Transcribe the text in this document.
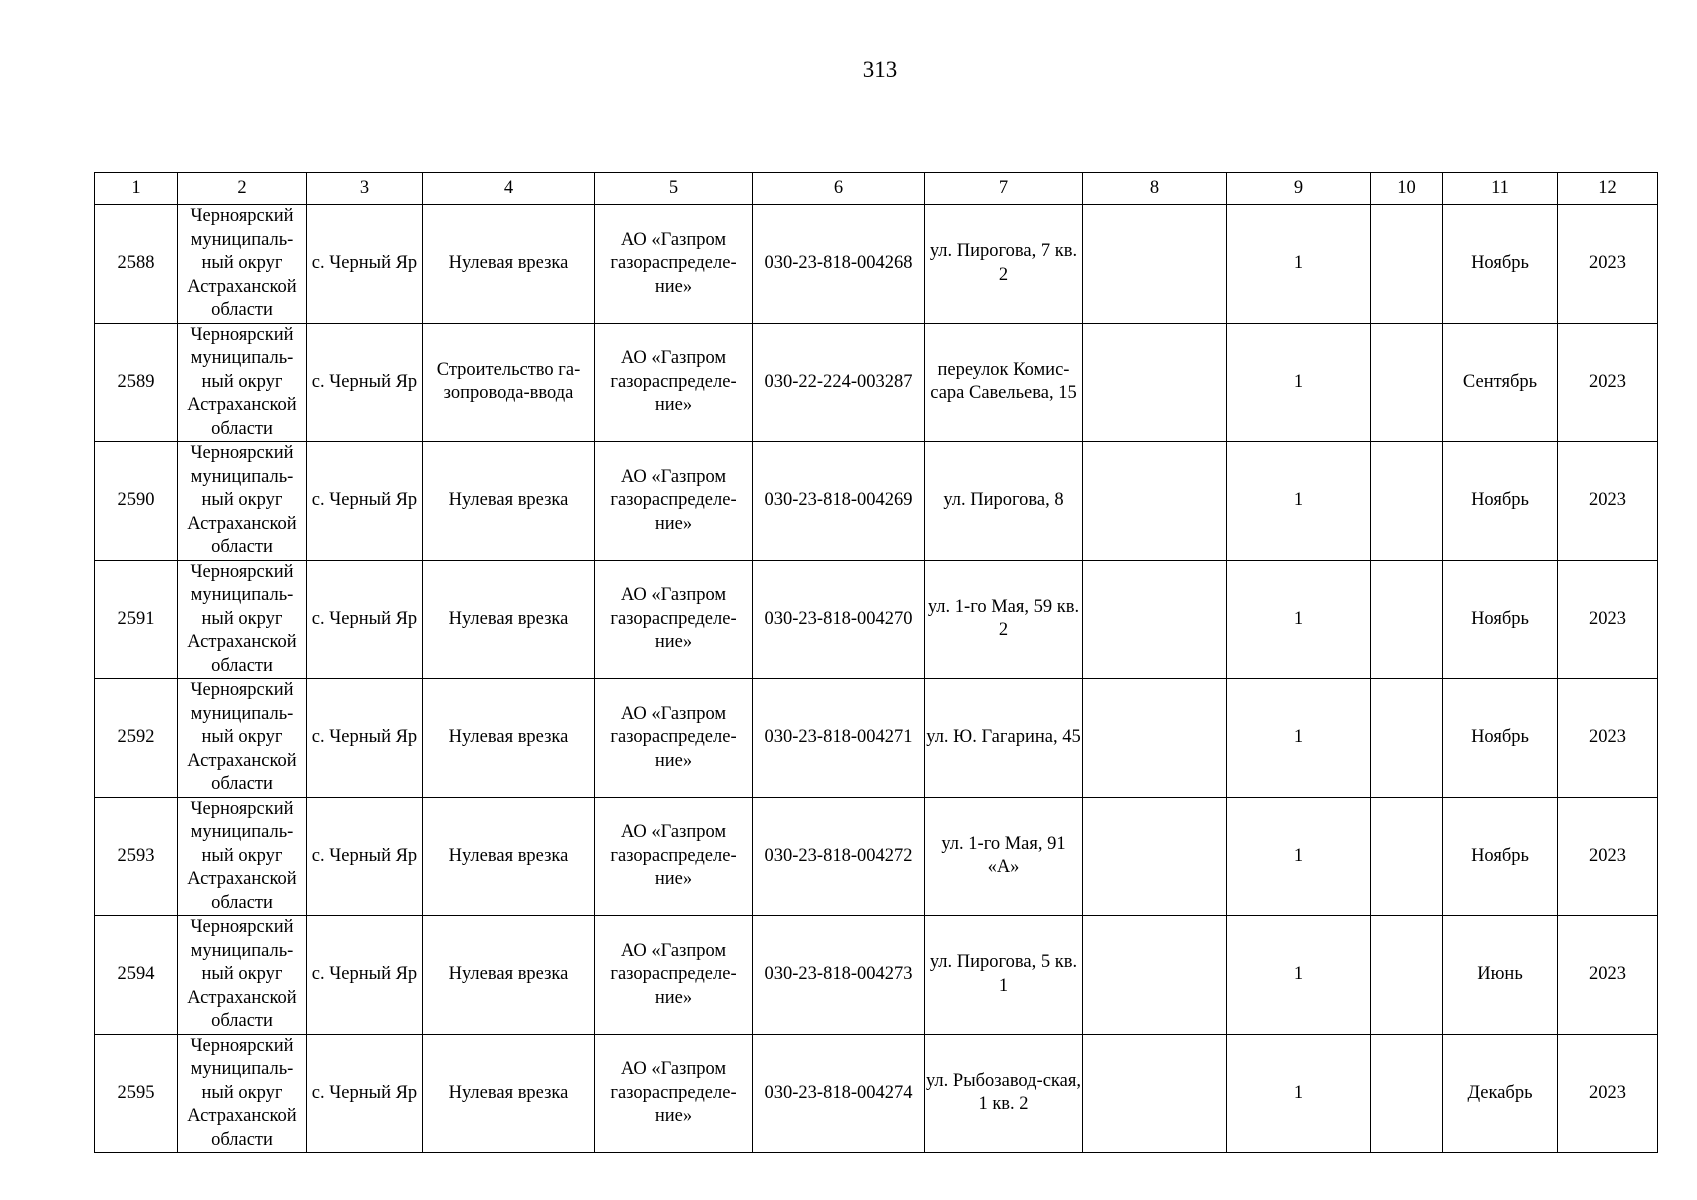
313
1	2	3	4	5	6	7	8	9	10	11	12
2588	Черноярский муниципаль-ный округ Астраханской области	с. Черный Яр	Нулевая врезка	АО «Газпром газораспределе-ние»	030-23-818-004268	ул. Пирогова, 7 кв. 2		1		Ноябрь	2023
2589	Черноярский муниципаль-ный округ Астраханской области	с. Черный Яр	Строительство га-зопровода-ввода	АО «Газпром газораспределе-ние»	030-22-224-003287	переулок Комис-сара Савельева, 15		1		Сентябрь	2023
2590	Черноярский муниципаль-ный округ Астраханской области	с. Черный Яр	Нулевая врезка	АО «Газпром газораспределе-ние»	030-23-818-004269	ул. Пирогова, 8		1		Ноябрь	2023
2591	Черноярский муниципаль-ный округ Астраханской области	с. Черный Яр	Нулевая врезка	АО «Газпром газораспределе-ние»	030-23-818-004270	ул. 1-го Мая, 59 кв. 2		1		Ноябрь	2023
2592	Черноярский муниципаль-ный округ Астраханской области	с. Черный Яр	Нулевая врезка	АО «Газпром газораспределе-ние»	030-23-818-004271	ул. Ю. Гагарина, 45		1		Ноябрь	2023
2593	Черноярский муниципаль-ный округ Астраханской области	с. Черный Яр	Нулевая врезка	АО «Газпром газораспределе-ние»	030-23-818-004272	ул. 1-го Мая, 91 «А»		1		Ноябрь	2023
2594	Черноярский муниципаль-ный округ Астраханской области	с. Черный Яр	Нулевая врезка	АО «Газпром газораспределе-ние»	030-23-818-004273	ул. Пирогова, 5 кв. 1		1		Июнь	2023
2595	Черноярский муниципаль-ный округ Астраханской области	с. Черный Яр	Нулевая врезка	АО «Газпром газораспределе-ние»	030-23-818-004274	ул. Рыбозавод-ская, 1 кв. 2		1		Декабрь	2023
